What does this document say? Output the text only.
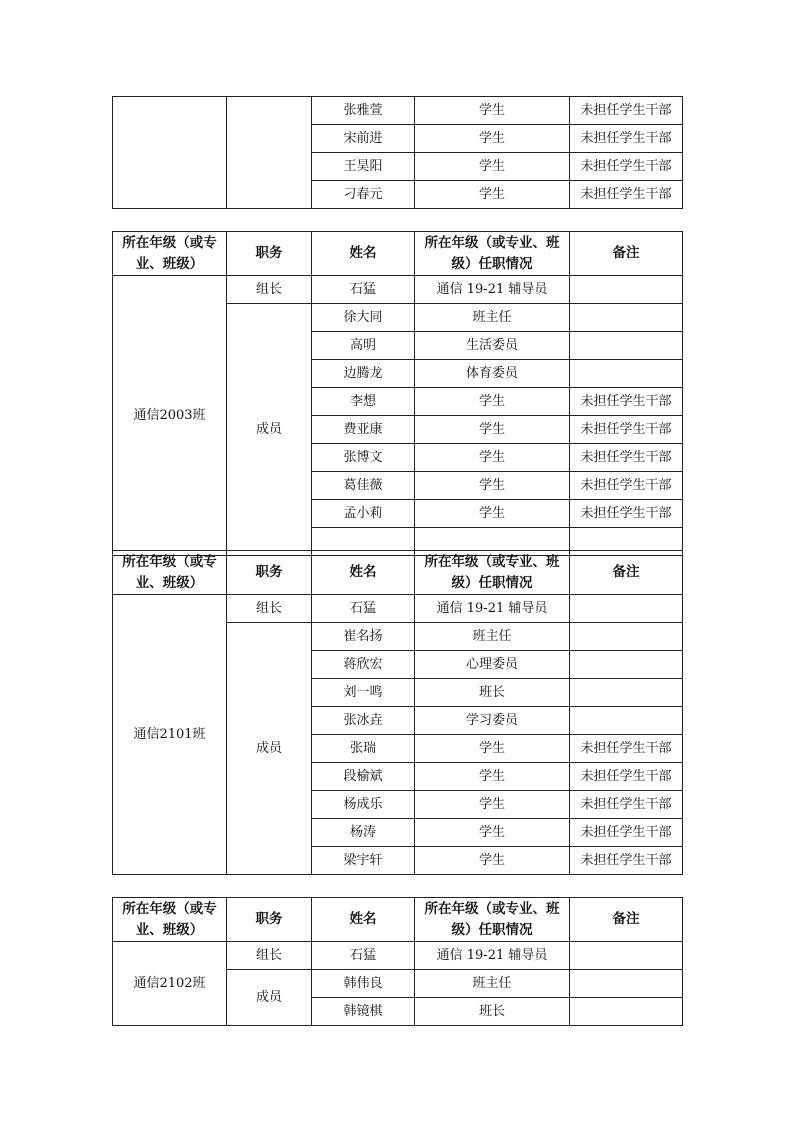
		张雅萱	学生	未担任学生干部
		宋前进	学生	未担任学生干部
		王昊阳	学生	未担任学生干部
		刁春元	学生	未担任学生干部
所在年级（或专业、班级）	职务	姓名	所在年级（或专业、班级）任职情况	备注
通信2003班	组长	石猛	通信 19-21 辅导员	
	成员	徐大同	班主任	
		高明	生活委员	
		边腾龙	体育委员	
		李想	学生	未担任学生干部
		费亚康	学生	未担任学生干部
		张博文	学生	未担任学生干部
		葛佳薇	学生	未担任学生干部
		孟小莉	学生	未担任学生干部

所在年级（或专业、班级）	职务	姓名	所在年级（或专业、班级）任职情况	备注
通信2101班	组长	石猛	通信 19-21 辅导员	
	成员	崔名扬	班主任	
		蒋欣宏	心理委员	
		刘一鸣	班长	
		张冰垚	学习委员	
		张瑞	学生	未担任学生干部
		段榆斌	学生	未担任学生干部
		杨成乐	学生	未担任学生干部
		杨涛	学生	未担任学生干部
		梁宇轩	学生	未担任学生干部
所在年级（或专业、班级）	职务	姓名	所在年级（或专业、班级）任职情况	备注
通信2102班	组长	石猛	通信 19-21 辅导员	
	成员	韩伟良	班主任	
		韩镜棋	班长	
